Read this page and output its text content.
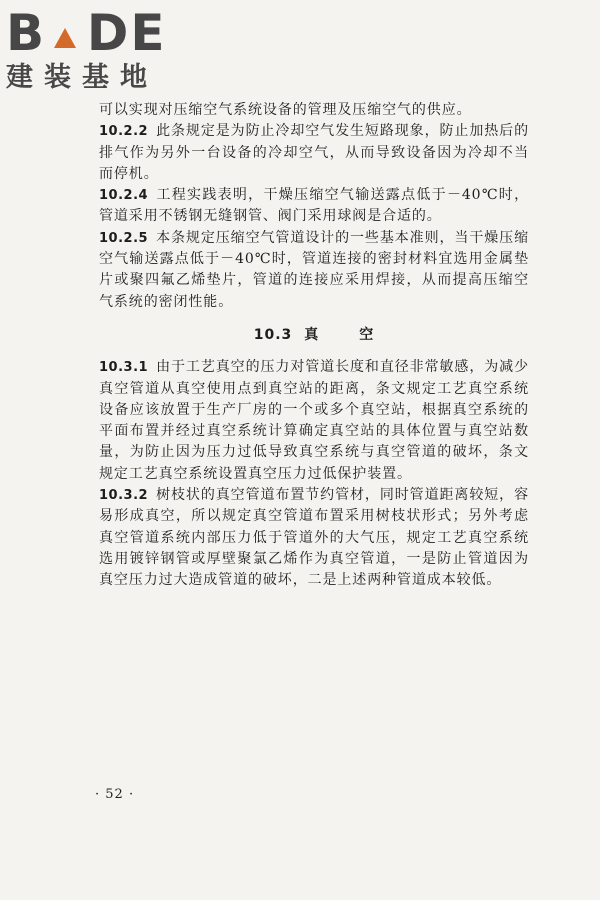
B DE
建装基地

可以实现对压缩空气系统设备的管理及压缩空气的供应。

10.2.2 此条规定是为防止冷却空气发生短路现象，防止加热后的排气作为另外一台设备的冷却空气，从而导致设备因为冷却不当而停机。

10.2.4 工程实践表明，干燥压缩空气输送露点低于－40℃时，管道采用不锈钢无缝钢管、阀门采用球阀是合适的。

10.2.5 本条规定压缩空气管道设计的一些基本准则，当干燥压缩空气输送露点低于－40℃时，管道连接的密封材料宜选用金属垫片或聚四氟乙烯垫片，管道的连接应采用焊接，从而提高压缩空气系统的密闭性能。

10.3 真	空

10.3.1 由于工艺真空的压力对管道长度和直径非常敏感，为减少真空管道从真空使用点到真空站的距离，条文规定工艺真空系统设备应该放置于生产厂房的一个或多个真空站，根据真空系统的平面布置并经过真空系统计算确定真空站的具体位置与真空站数量，为防止因为压力过低导致真空系统与真空管道的破坏，条文规定工艺真空系统设置真空压力过低保护装置。

10.3.2 树枝状的真空管道布置节约管材，同时管道距离较短，容易形成真空，所以规定真空管道布置采用树枝状形式；另外考虑真空管道系统内部压力低于管道外的大气压，规定工艺真空系统选用镀锌钢管或厚壁聚氯乙烯作为真空管道，一是防止管道因为真空压力过大造成管道的破坏，二是上述两种管道成本较低。

· 52 ·
